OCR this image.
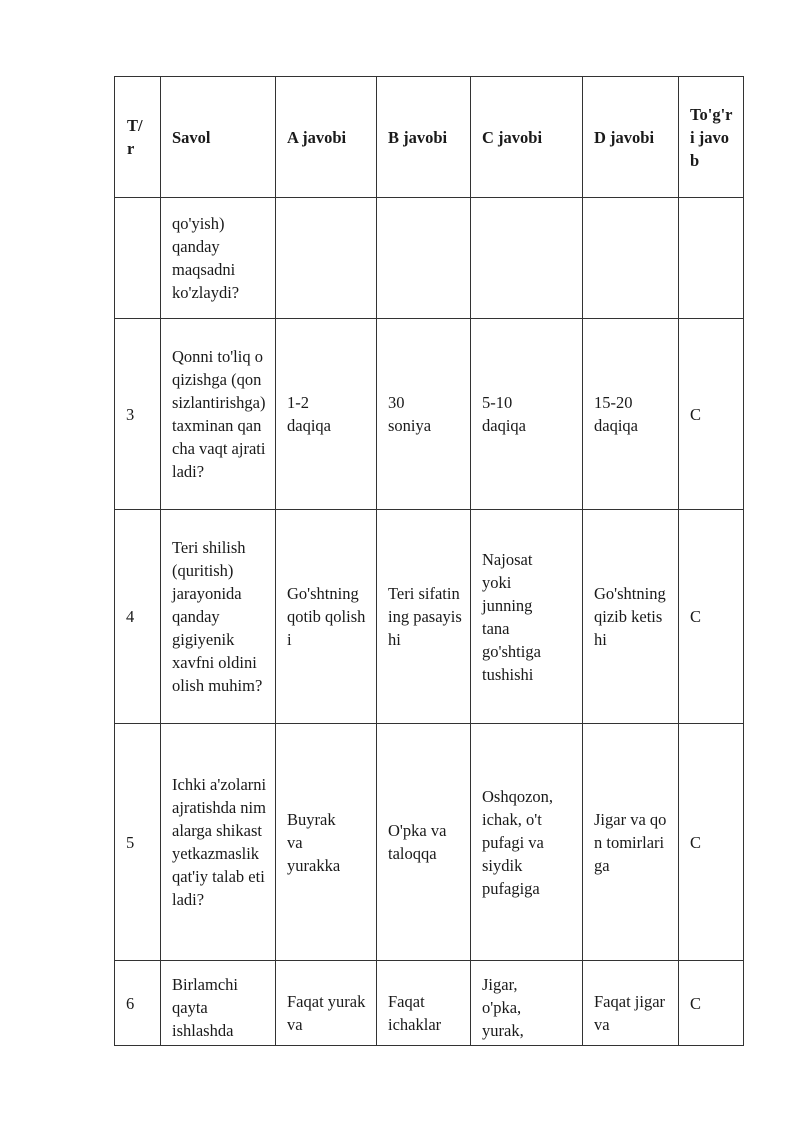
T/r	Savol	A javobi	B javobi	C javobi	D javobi	To'g'ri javob
	qo'yish) qanday maqsadni ko'zlaydi?					
3	Qonni to'liq oqizishga (qonsizlantirishga) taxminan qancha vaqt ajratiladi?	1-2 daqiqa	30 soniya	5-10 daqiqa	15-20 daqiqa	C
4	Teri shilish (quritish) jarayonida qanday gigiyenik xavfni oldini olish muhim?	Go'shtning qotib qolishi	Teri sifatining pasayishi	Najosat yoki junning tana go'shtiga tushishi	Go'shtning qizib ketishi	C
5	Ichki a'zolarni ajratishda nimalarga shikast yetkazmaslik qat'iy talab etiladi?	Buyrak va yurakka	O'pka va taloqqa	Oshqozon, ichak, o't pufagi va siydik pufagiga	Jigar va qon tomirlariga	C
6	Birlamchi qayta ishlashda	Faqat yurak va	Faqat ichaklar	Jigar, o'pka, yurak,	Faqat jigar va	C
